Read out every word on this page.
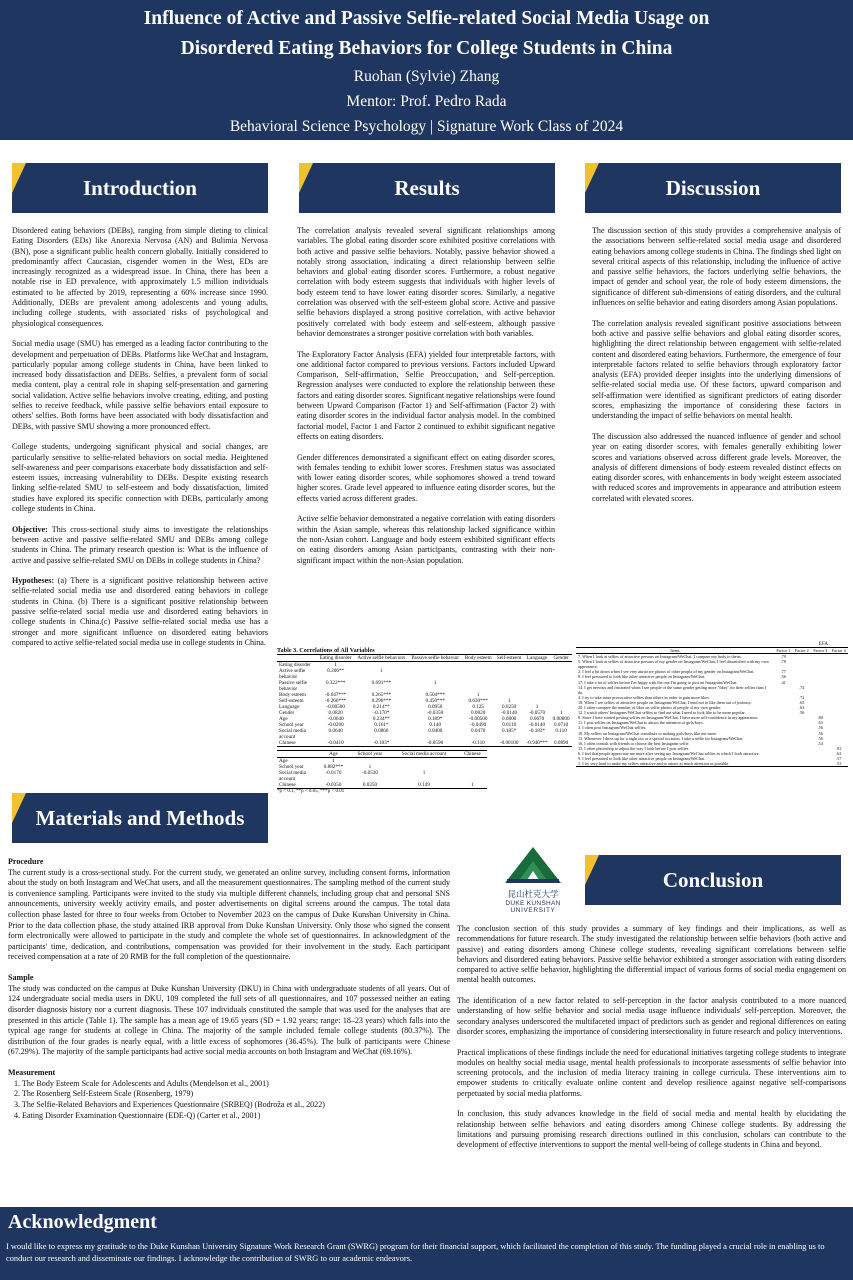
Influence of Active and Passive Selfie-related Social Media Usage on
Disordered Eating Behaviors for College Students in China
Ruohan (Sylvie) Zhang
Mentor: Prof. Pedro Rada
Behavioral Science Psychology | Signature Work Class of 2024
Introduction	Results	Discussion
Materials and Methods
Conclusion

Disordered eating behaviors (DEBs), ranging from simple dieting to clinical Eating Disorders (EDs) like Anorexia Nervosa (AN) and Bulimia Nervosa (BN), pose a significant public health concern globally. Initially considered to predominantly affect Caucasian, cisgender women in the West, EDs are increasingly recognized as a widespread issue. In China, there has been a notable rise in ED prevalence, with approximately 1.5 million individuals estimated to be affected by 2019, representing a 60% increase since 1990. Additionally, DEBs are prevalent among adolescents and young adults, including college students, with associated risks of psychological and physiological consequences.

Social media usage (SMU) has emerged as a leading factor contributing to the development and perpetuation of DEBs. Platforms like WeChat and Instagram, particularly popular among college students in China, have been linked to increased body dissatisfaction and DEBs. Selfies, a prevalent form of social media content, play a central role in shaping self-presentation and garnering social validation. Active selfie behaviors involve creating, editing, and posting selfies to receive feedback, while passive selfie behaviors entail exposure to others' selfies. Both forms have been associated with body dissatisfaction and DEBs, with passive SMU showing a more pronounced effect.

College students, undergoing significant physical and social changes, are particularly sensitive to selfie-related behaviors on social media. Heightened self-awareness and peer comparisons exacerbate body dissatisfaction and self-esteem issues, increasing vulnerability to DEBs. Despite existing research linking selfie-related SMU to self-esteem and body dissatisfaction, limited studies have explored its specific connection with DEBs, particularly among college students in China.

Objective: This cross-sectional study aims to investigate the relationships between active and passive selfie-related SMU and DEBs among college students in China. The primary research question is: What is the influence of active and passive selfie-related SMU on DEBs in college students in China?

Hypotheses: (a) There is a significant positive relationship between active selfie-related social media use and disordered eating behaviors in college students in China. (b) There is a significant positive relationship between passive selfie-related social media use and disordered eating behaviors in college students in China.(c) Passive selfie-related social media use has a stronger and more significant influence on disordered eating behaviors compared to active selfie-related social media use in college students in China.

The correlation analysis revealed several significant relationships among variables. The global eating disorder score exhibited positive correlations with both active and passive selfie behaviors. Notably, passive behavior showed a notably strong association, indicating a direct relationship between selfie behaviors and global eating disorder scores. Furthermore, a robust negative correlation with body esteem suggests that individuals with higher levels of body esteem tend to have lower eating disorder scores. Similarly, a negative correlation was observed with the self-esteem global score. Active and passive selfie behaviors displayed a strong positive correlation, with active behavior positively correlated with body esteem and self-esteem, although passive behavior demonstrates a stronger positive correlation with both variables.

The Exploratory Factor Analysis (EFA) yielded four interpretable factors, with one additional factor compared to previous versions. Factors included Upward Comparison, Self-affirmation, Selfie Preoccupation, and Self-perception. Regression analyses were conducted to explore the relationship between these factors and eating disorder scores. Significant negative relationships were found between Upward Comparison (Factor 1) and Self-affirmation (Factor 2) with eating disorder scores in the individual factor analysis model. In the combined factorial model, Factor 1 and Factor 2 continued to exhibit significant negative effects on eating disorders.

Gender differences demonstrated a significant effect on eating disorder scores, with females tending to exhibit lower scores. Freshmen status was associated with lower eating disorder scores, while sophomores showed a trend toward higher scores. Grade level appeared to influence eating disorder scores, but the effects varied across different grades.

Active selfie behavior demonstrated a negative correlation with eating disorders within the Asian sample, whereas this relationship lacked significance within the non-Asian cohort. Language and body esteem exhibited significant effects on eating disorders among Asian participants, contrasting with their non-significant impact within the non-Asian population.

The discussion section of this study provides a comprehensive analysis of the associations between selfie-related social media usage and disordered eating behaviors among college students in China. The findings shed light on several critical aspects of this relationship, including the influence of active and passive selfie behaviors, the factors underlying selfie behaviors, the impact of gender and school year, the role of body esteem dimensions, the significance of different sub-dimensions of eating disorders, and the cultural influences on selfie behavior and eating disorders among Asian populations.

The correlation analysis revealed significant positive associations between both active and passive selfie behaviors and global eating disorder scores, highlighting the direct relationship between engagement with selfie-related content and disordered eating behaviors. Furthermore, the emergence of four interpretable factors related to selfie behaviors through exploratory factor analysis (EFA) provided deeper insights into the underlying dimensions of selfie-related social media use. Of these factors, upward comparison and self-affirmation were identified as significant predictors of eating disorder scores, emphasizing the importance of considering these factors in understanding the impact of selfie behaviors on mental health.

The discussion also addressed the nuanced influence of gender and school year on eating disorder scores, with females generally exhibiting lower scores and variations observed across different grade levels. Moreover, the analysis of different dimensions of body esteem revealed distinct effects on eating disorder scores, with enhancements in body weight esteem associated with reduced scores and improvements in appearance and attribution esteem correlated with elevated scores.

Table 3. Correlations of All Variables
	Eating disorder	Active selfie behaviors	Passive selfie behavior	Body esteem	Self-esteem	Language	Gender
Eating disorder	1						
Active selfie behavior	0.206**	1					
Passive selfie behavior	0.322***	0.691***	1				
Body esteem	-0.647***	0.265***	0.504***	1			
Self-esteem	-0.266***	0.296***	0.450***	0.630***	1		
Language	-0.00500	0.214**	0.0950	0.125	0.0250	1	
Gender	0.0820	-0.170*	-0.0350	0.0820	-0.0140	-0.0570	1
Age	-0.0640	0.234**	0.189*	-0.00500	0.0800	0.0670	0.00800
School year	-0.0200	0.161*	0.140	-0.0490	0.0110	-0.0140	0.0710
Social media account	0.0640	0.0860	0.0400	0.0470	0.185*	-0.183*	0.110
Chinese	-0.0410	-0.183*	-0.0590	-0.110	-0.00100	-0.940***	0.0890
	Age	School year	Social media account	Chinese
Age	1			
School year	0.882***	1		
Social media account	-0.0170	-0.0530	1	
Chinese	-0.0350	0.0250	0.149	1
*p < 0.1, **p < 0.05, ***p < 0.01
EFA
Items	Factor 1	Factor 2	Factor 3	Factor 4
7. When I look at selfies of attractive persons on Instagram/WeChat, I compare my body to theirs.	.79			
5. When I look at selfies of attractive persons of my gender on Instagram/WeChat, I feel dissatisfied with my own appearance.	.78			
2. I feel a bit down when I see very attractive photos of other people of my gender on Instagram/WeChat.	.77			
9. I feel pressured to look like other attractive people on Instagram/WeChat.	.56			
17. I take a lot of selfies before I'm happy with the one I'm going to post on Instagram/WeChat.	.41			
14. I get nervous and frustrated when I see people of the same gender getting more "likes" for their selfies than I do.		.74		
4. I try to take more provocative selfies than others in order to gain more likes.		.72		
18. When I see selfies of attractive people on Instagram/WeChat, I tend not to like them out of jealousy.		.65		
20. I often compare the number of likes on selfie photos of people of my own gender.		.63		
12. I watch others' Instagram/WeChat selfies to find out what I need to look like to be more popular.		.56		
8. Since I have started posting selfies on Instagram/WeChat, I have more self-confidence in my appearance.			.80	
11. I post selfies on Instagram/WeChat to attract the attention of girls/boys.			.63	
3. I often post Instagram/WeChat selfies.			.56	
10. My selfies on Instagram/WeChat contribute to making girls/boys like me more.			.56	
13. Whenever I dress up for a night out or a special occasion, I take a selfie for Instagram/WeChat.			.56	
16. I often consult with friends to choose the best Instagram selfie.			.54	
15. I often photoshop to adjust the way I look before I post selfies.				.81
6. I feel that people appreciate me more after seeing my Instagram/WeChat selfies in which I look attractive.				.62
9. I feel pressured to look like other attractive people on Instagram/WeChat.				.57
1. I try very hard to make my selfies attractive and to attract as much attention as possible.				.53
昆山杜克大学
DUKE KUNSHAN
UNIVERSITY
Procedure

The current study is a cross-sectional study. For the current study, we generated an online survey, including consent forms, information about the study on both Instagram and WeChat users, and all the measurement questionnaires. The sampling method of the current study is convenience sampling. Participants were invited to the study via multiple different channels, including group chat and personal SNS announcements, university weekly activity emails, and poster advertisements on digital screens around the campus. The total data collection phase lasted for three to four weeks from October to November 2023 on the campus of Duke Kunshan University in China. Prior to the data collection phase, the study attained IRB approval from Duke Kunshan University. Only those who signed the consent form electronically were allowed to participate in the study and complete the whole set of questionnaires. In acknowledgment of the participants' time, dedication, and contributions, compensation was provided for their involvement in the study. Each participant received compensation at a rate of 20 RMB for the full completion of the questionnaire.

Sample

The study was conducted on the campus at Duke Kunshan University (DKU) in China with undergraduate students of all years. Out of 124 undergraduate social media users in DKU, 109 completed the full sets of all questionnaires, and 107 possessed neither an eating disorder diagnosis history nor a current diagnosis. These 107 individuals constituted the sample that was used for the analyses that are presented in this article (Table 1). The sample has a mean age of 19.65 years (SD = 1.92 years; range: 18–23 years) which falls into the typical age range for students at college in China. The majority of the sample included female college students (80.37%). The distribution of the four grades is nearly equal, with a little excess of sophomores (36.45%). The bulk of participants were Chinese (67.29%). The majority of the sample participants had active social media accounts on both Instagram and WeChat (69.16%).

Measurement
1. The Body Esteem Scale for Adolescents and Adults (Mendelson et al., 2001)
2. The Rosenberg Self-Esteem Scale (Rosenberg, 1979)
3. The Selfie-Related Behaviors and Experiences Questionnaire (SRBEQ) (Bodroža et al., 2022)
4. Eating Disorder Examination Questionnaire (EDE-Q) (Carter et al., 2001)

The conclusion section of this study provides a summary of key findings and their implications, as well as recommendations for future research. The study investigated the relationship between selfie behaviors (both active and passive) and eating disorders among Chinese college students, revealing significant correlations between selfie behaviors and disordered eating behaviors. Passive selfie behavior exhibited a stronger association with eating disorders compared to active selfie behavior, highlighting the differential impact of various forms of social media engagement on mental health outcomes.

The identification of a new factor related to self-perception in the factor analysis contributed to a more nuanced understanding of how selfie behavior and social media usage influence individuals' self-perception. Moreover, the secondary analyses underscored the multifaceted impact of predictors such as gender and regional differences on eating disorder scores, emphasizing the importance of considering intersectionality in future research and policy interventions.

Practical implications of these findings include the need for educational initiatives targeting college students to integrate modules on healthy social media usage, mental health professionals to incorporate assessments of selfie behavior into screening protocols, and the inclusion of media literacy training in college curricula. These interventions aim to empower students to critically evaluate online content and develop resilience against negative self-comparisons perpetuated by social media platforms.

In conclusion, this study advances knowledge in the field of social media and mental health by elucidating the relationship between selfie behaviors and eating disorders among Chinese college students. By addressing the limitations and pursuing promising research directions outlined in this conclusion, scholars can contribute to the development of effective interventions to support the mental well-being of college students in China and beyond.

Acknowledgment
I would like to express my gratitude to the Duke Kunshan University Signature Work Research Grant (SWRG) program for their financial support, which facilitated the completion of this study. The funding played a crucial role in enabling us to conduct our research and disseminate our findings. I acknowledge the contribution of SWRG to our academic endeavors.
